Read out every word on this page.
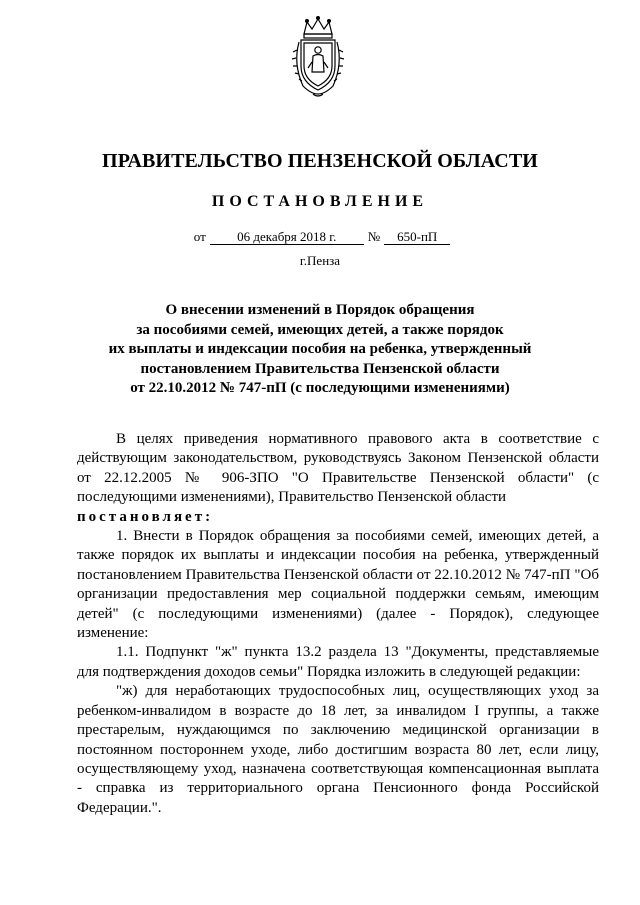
ПРАВИТЕЛЬСТВО ПЕНЗЕНСКОЙ ОБЛАСТИ
ПОСТАНОВЛЕНИЕ
от 06 декабря 2018 г. № 650-пП
г.Пенза
О внесении изменений в Порядок обращения
за пособиями семей, имеющих детей, а также порядок
их выплаты и индексации пособия на ребенка, утвержденный
постановлением Правительства Пензенской области
от 22.10.2012 № 747-пП (с последующими изменениями)

В целях приведения нормативного правового акта в соответствие с действующим законодательством, руководствуясь Законом Пензенской области от 22.12.2005 № 906-ЗПО "О Правительстве Пензенской области" (с последующими изменениями), Правительство Пензенской области

постановляет:

1. Внести в Порядок обращения за пособиями семей, имеющих детей, а также порядок их выплаты и индексации пособия на ребенка, утвержденный постановлением Правительства Пензенской области от 22.10.2012 № 747-пП "Об организации предоставления мер социальной поддержки семьям, имеющим детей" (с последующими изменениями) (далее - Порядок), следующее изменение:

1.1. Подпункт "ж" пункта 13.2 раздела 13 "Документы, представляемые для подтверждения доходов семьи" Порядка изложить в следующей редакции:

"ж) для неработающих трудоспособных лиц, осуществляющих уход за ребенком-инвалидом в возрасте до 18 лет, за инвалидом I группы, а также престарелым, нуждающимся по заключению медицинской организации в постоянном постороннем уходе, либо достигшим возраста 80 лет, если лицу, осуществляющему уход, назначена соответствующая компенсационная выплата - справка из территориального органа Пенсионного фонда Российской Федерации.".
